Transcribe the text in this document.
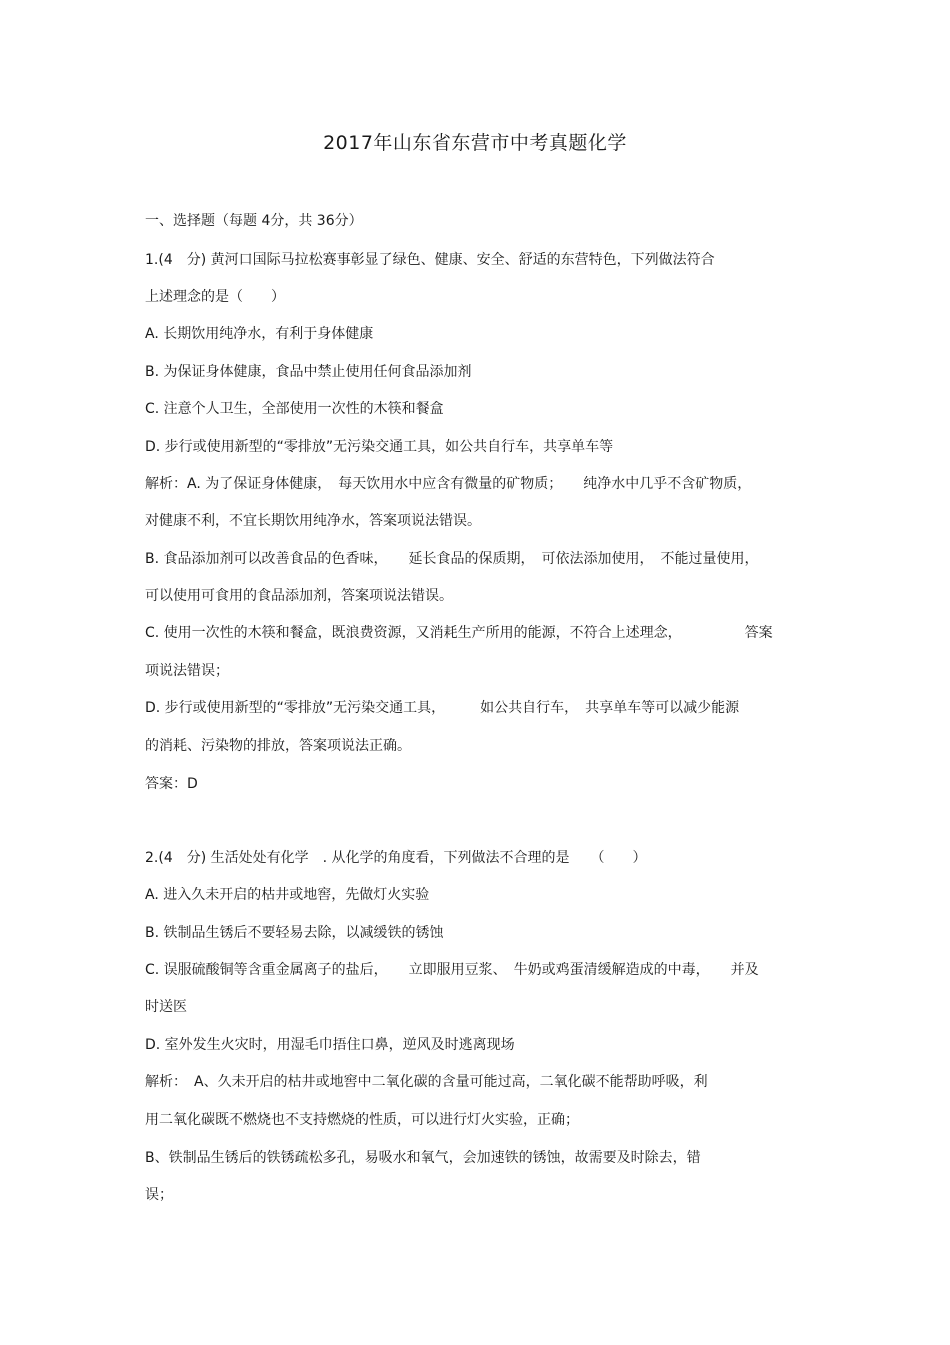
2017年山东省东营市中考真题化学
一、选择题（每题 4分，共 36分）
1.(4　分) 黄河口国际马拉松赛事彰显了绿色、健康、安全、舒适的东营特色，下列做法符合
上述理念的是（　　）
A. 长期饮用纯净水，有利于身体健康
B. 为保证身体健康，食品中禁止使用任何食品添加剂
C. 注意个人卫生，全部使用一次性的木筷和餐盒
D. 步行或使用新型的“零排放”无污染交通工具，如公共自行车，共享单车等
解析：A. 为了保证身体健康，　每天饮用水中应含有微量的矿物质；　　纯净水中几乎不含矿物质，
对健康不利，不宜长期饮用纯净水，答案项说法错误。
B. 食品添加剂可以改善食品的色香味，　　延长食品的保质期，　可依法添加使用，　不能过量使用，
可以使用可食用的食品添加剂，答案项说法错误。
C. 使用一次性的木筷和餐盒，既浪费资源，又消耗生产所用的能源，不符合上述理念，　　　　　答案
项说法错误；
D. 步行或使用新型的“零排放”无污染交通工具，　　　如公共自行车，　共享单车等可以减少能源
的消耗、污染物的排放，答案项说法正确。
答案：D
2.(4　分) 生活处处有化学　. 从化学的角度看，下列做法不合理的是　　（　　）
A. 进入久未开启的枯井或地窖，先做灯火实验
B. 铁制品生锈后不要轻易去除，以减缓铁的锈蚀
C. 误服硫酸铜等含重金属离子的盐后，　　立即服用豆浆、　牛奶或鸡蛋清缓解造成的中毒，　　并及
时送医
D. 室外发生火灾时，用湿毛巾捂住口鼻，逆风及时逃离现场
解析：　A、久未开启的枯井或地窖中二氧化碳的含量可能过高，二氧化碳不能帮助呼吸，利
用二氧化碳既不燃烧也不支持燃烧的性质，可以进行灯火实验，正确；
B、铁制品生锈后的铁锈疏松多孔，易吸水和氧气，会加速铁的锈蚀，故需要及时除去，错
误；
